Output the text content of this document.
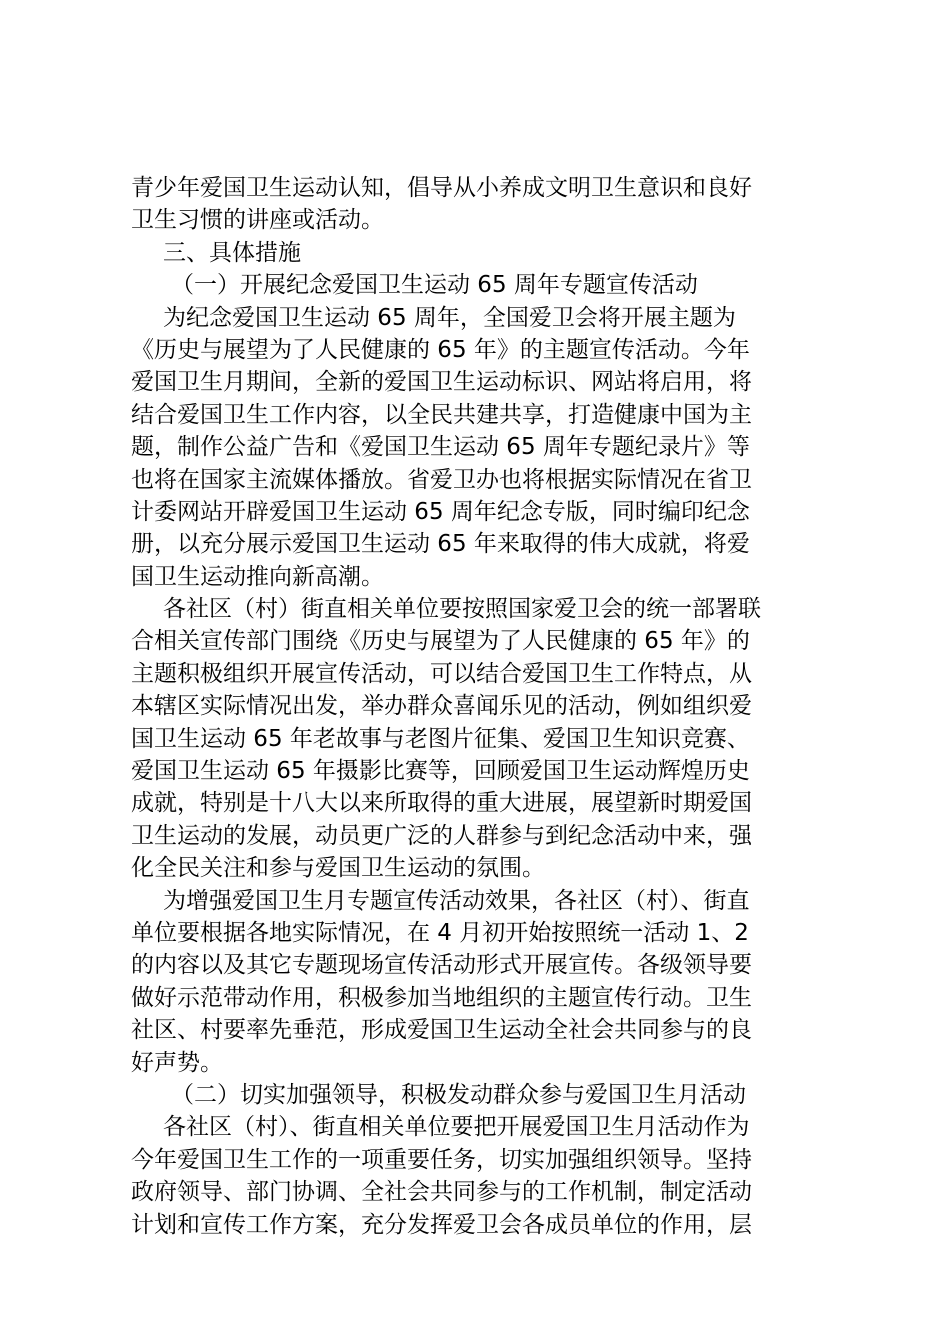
青少年爱国卫生运动认知，倡导从小养成文明卫生意识和良好
卫生习惯的讲座或活动。
三、具体措施
（一）开展纪念爱国卫生运动 65 周年专题宣传活动
为纪念爱国卫生运动 65 周年，全国爱卫会将开展主题为
《历史与展望为了人民健康的 65 年》的主题宣传活动。今年
爱国卫生月期间，全新的爱国卫生运动标识、网站将启用，将
结合爱国卫生工作内容，以全民共建共享，打造健康中国为主
题，制作公益广告和《爱国卫生运动 65 周年专题纪录片》等
也将在国家主流媒体播放。省爱卫办也将根据实际情况在省卫
计委网站开辟爱国卫生运动 65 周年纪念专版，同时编印纪念
册，以充分展示爱国卫生运动 65 年来取得的伟大成就，将爱
国卫生运动推向新高潮。
各社区（村）街直相关单位要按照国家爱卫会的统一部署联
合相关宣传部门围绕《历史与展望为了人民健康的 65 年》的
主题积极组织开展宣传活动，可以结合爱国卫生工作特点，从
本辖区实际情况出发，举办群众喜闻乐见的活动，例如组织爱
国卫生运动 65 年老故事与老图片征集、爱国卫生知识竞赛、
爱国卫生运动 65 年摄影比赛等，回顾爱国卫生运动辉煌历史
成就，特别是十八大以来所取得的重大进展，展望新时期爱国
卫生运动的发展，动员更广泛的人群参与到纪念活动中来，强
化全民关注和参与爱国卫生运动的氛围。
为增强爱国卫生月专题宣传活动效果，各社区（村）、街直
单位要根据各地实际情况，在 4 月初开始按照统一活动 1、2
的内容以及其它专题现场宣传活动形式开展宣传。各级领导要
做好示范带动作用，积极参加当地组织的主题宣传行动。卫生
社区、村要率先垂范，形成爱国卫生运动全社会共同参与的良
好声势。
（二）切实加强领导，积极发动群众参与爱国卫生月活动
各社区（村）、街直相关单位要把开展爱国卫生月活动作为
今年爱国卫生工作的一项重要任务，切实加强组织领导。坚持
政府领导、部门协调、全社会共同参与的工作机制，制定活动
计划和宣传工作方案，充分发挥爱卫会各成员单位的作用，层
